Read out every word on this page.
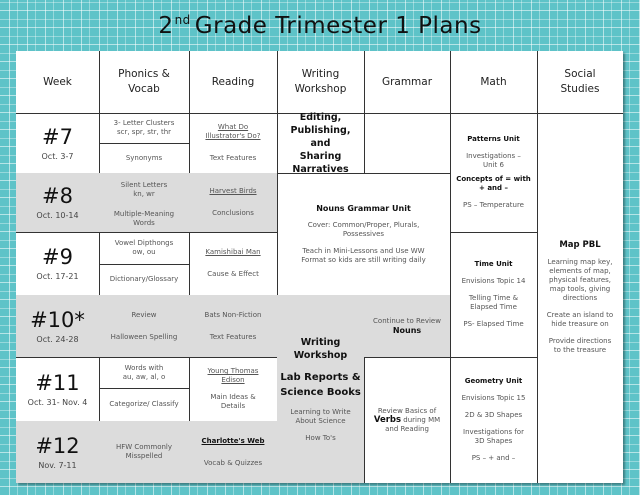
2nd Grade Trimester 1 Plans
Week
Phonics &
Vocab
Reading
Writing
Workshop
Grammar	Math
Social
Studies
#7
Oct. 3-7
#8
Oct. 10-14
#9
Oct. 17-21
#10*
Oct. 24-28
#11
Oct. 31- Nov. 4
#12
Nov. 7-11
3- Letter Clusters
scr, spr, str, thr
Synonyms
Silent Letters
kn, wr
Multiple-Meaning
Words
Vowel Dipthongs
ow, ou
Dictionary/Glossary
Review
Halloween Spelling
Words with
au, aw, al, o
Categorize/ Classify
HFW Commonly
Misspelled
What Do
Illustrator's Do?
Text Features
Harvest Birds
Conclusions
Kamishibai Man
Cause & Effect
Bats Non-Fiction
Text Features
Young Thomas
Edison
Main Ideas &
Details
Charlotte's Web
Vocab & Quizzes
Editing,
Publishing, and
Sharing
Narratives
Nouns Grammar Unit
Cover: Common/Proper, Plurals,
Possessives
Teach in Mini-Lessons and Use WW
Format so kids are still writing daily
Writing
Workshop
Lab Reports &
Science Books
Learning to Write
About Science
How To's
Continue to Review
Nouns
Review Basics of
Verbs during MM
and Reading
Patterns Unit
Investigations –
Unit 6
Concepts of = with
+ and –
PS – Temperature
Time Unit
Envisions Topic 14
Telling Time &
Elapsed Time
PS- Elapsed Time
Geometry Unit
Envisions Topic 15
2D & 3D Shapes
Investigations for
3D Shapes
PS – + and –
Map PBL
Learning map key,
elements of map,
physical features,
map tools, giving
directions
Create an island to
hide treasure on
Provide directions
to the treasure
